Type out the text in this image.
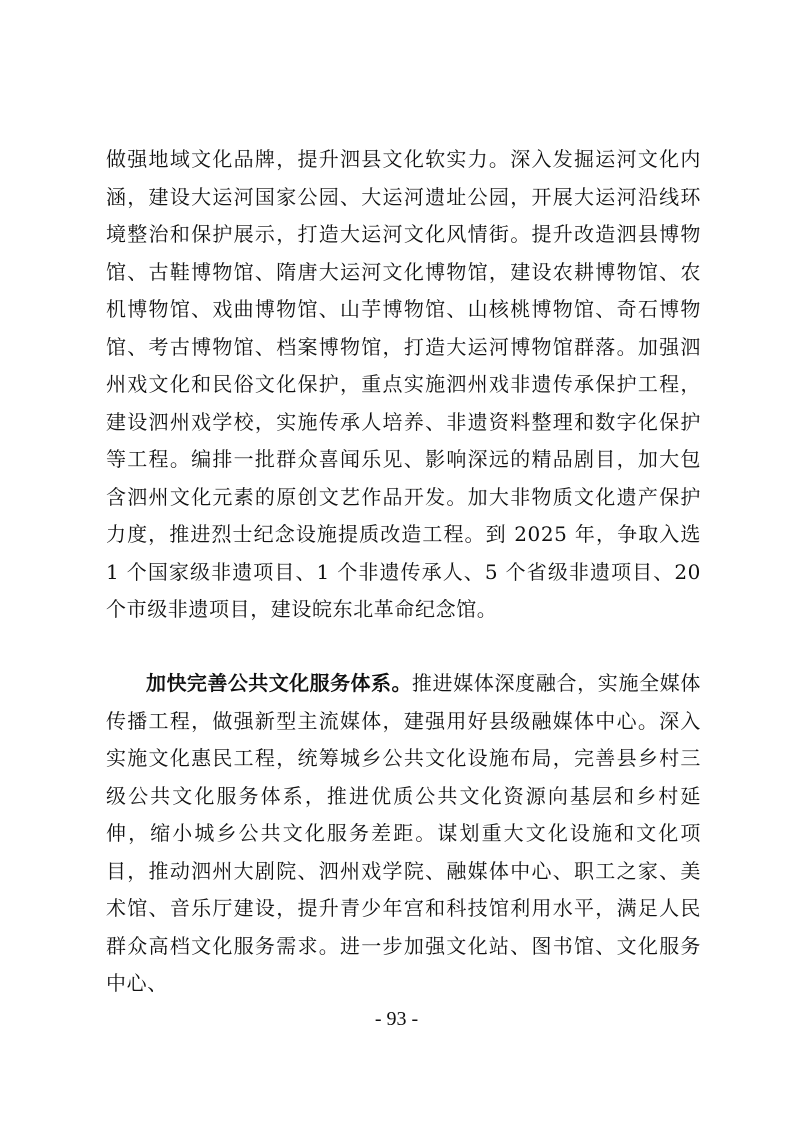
做强地域文化品牌，提升泗县文化软实力。深入发掘运河文化内涵，建设大运河国家公园、大运河遗址公园，开展大运河沿线环境整治和保护展示，打造大运河文化风情街。提升改造泗县博物馆、古鞋博物馆、隋唐大运河文化博物馆，建设农耕博物馆、农机博物馆、戏曲博物馆、山芋博物馆、山核桃博物馆、奇石博物馆、考古博物馆、档案博物馆，打造大运河博物馆群落。加强泗州戏文化和民俗文化保护，重点实施泗州戏非遗传承保护工程，建设泗州戏学校，实施传承人培养、非遗资料整理和数字化保护等工程。编排一批群众喜闻乐见、影响深远的精品剧目，加大包含泗州文化元素的原创文艺作品开发。加大非物质文化遗产保护力度，推进烈士纪念设施提质改造工程。到 2025 年，争取入选 1 个国家级非遗项目、1 个非遗传承人、5 个省级非遗项目、20 个市级非遗项目，建设皖东北革命纪念馆。

加快完善公共文化服务体系。推进媒体深度融合，实施全媒体传播工程，做强新型主流媒体，建强用好县级融媒体中心。深入实施文化惠民工程，统筹城乡公共文化设施布局，完善县乡村三级公共文化服务体系，推进优质公共文化资源向基层和乡村延伸，缩小城乡公共文化服务差距。谋划重大文化设施和文化项目，推动泗州大剧院、泗州戏学院、融媒体中心、职工之家、美术馆、音乐厅建设，提升青少年宫和科技馆利用水平，满足人民群众高档文化服务需求。进一步加强文化站、图书馆、文化服务中心、

- 93 -
